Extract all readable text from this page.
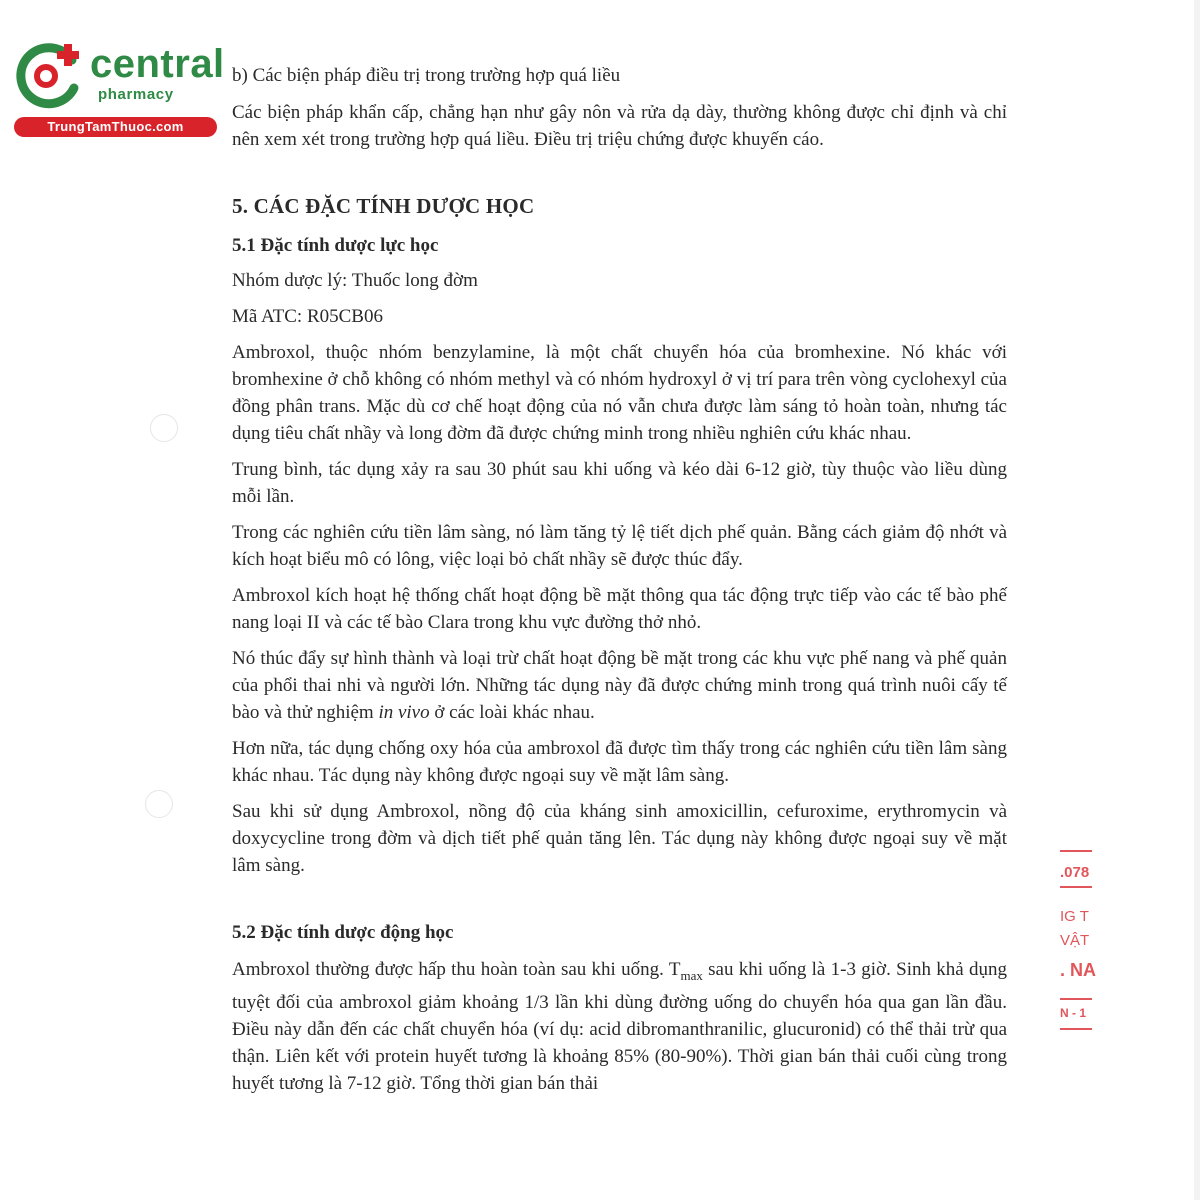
central
pharmacy
TrungTamThuoc.com

b) Các biện pháp điều trị trong trường hợp quá liều

Các biện pháp khẩn cấp, chẳng hạn như gây nôn và rửa dạ dày, thường không được chỉ định và chỉ nên xem xét trong trường hợp quá liều. Điều trị triệu chứng được khuyến cáo.

5. CÁC ĐẶC TÍNH DƯỢC HỌC
5.1 Đặc tính dược lực học

Nhóm dược lý: Thuốc long đờm

Mã ATC: R05CB06

Ambroxol, thuộc nhóm benzylamine, là một chất chuyển hóa của bromhexine. Nó khác với bromhexine ở chỗ không có nhóm methyl và có nhóm hydroxyl ở vị trí para trên vòng cyclohexyl của đồng phân trans. Mặc dù cơ chế hoạt động của nó vẫn chưa được làm sáng tỏ hoàn toàn, nhưng tác dụng tiêu chất nhầy và long đờm đã được chứng minh trong nhiều nghiên cứu khác nhau.

Trung bình, tác dụng xảy ra sau 30 phút sau khi uống và kéo dài 6-12 giờ, tùy thuộc vào liều dùng mỗi lần.

Trong các nghiên cứu tiền lâm sàng, nó làm tăng tỷ lệ tiết dịch phế quản. Bằng cách giảm độ nhớt và kích hoạt biểu mô có lông, việc loại bỏ chất nhầy sẽ được thúc đẩy.

Ambroxol kích hoạt hệ thống chất hoạt động bề mặt thông qua tác động trực tiếp vào các tế bào phế nang loại II và các tế bào Clara trong khu vực đường thở nhỏ.

Nó thúc đẩy sự hình thành và loại trừ chất hoạt động bề mặt trong các khu vực phế nang và phế quản của phổi thai nhi và người lớn. Những tác dụng này đã được chứng minh trong quá trình nuôi cấy tế bào và thử nghiệm in vivo ở các loài khác nhau.

Hơn nữa, tác dụng chống oxy hóa của ambroxol đã được tìm thấy trong các nghiên cứu tiền lâm sàng khác nhau. Tác dụng này không được ngoại suy về mặt lâm sàng.

Sau khi sử dụng Ambroxol, nồng độ của kháng sinh amoxicillin, cefuroxime, erythromycin và doxycycline trong đờm và dịch tiết phế quản tăng lên. Tác dụng này không được ngoại suy về mặt lâm sàng.

5.2 Đặc tính dược động học

Ambroxol thường được hấp thu hoàn toàn sau khi uống. $T_{max}$ sau khi uống là 1-3 giờ. Sinh khả dụng tuyệt đối của ambroxol giảm khoảng 1/3 lần khi dùng đường uống do chuyển hóa qua gan lần đầu. Điều này dẫn đến các chất chuyển hóa (ví dụ: acid dibromanthranilic, glucuronid) có thể thải trừ qua thận. Liên kết với protein huyết tương là khoảng 85% (80-90%). Thời gian bán thải cuối cùng trong huyết tương là 7-12 giờ. Tổng thời gian bán thải

.078
IG T
VẬT
. NA
N - 1
